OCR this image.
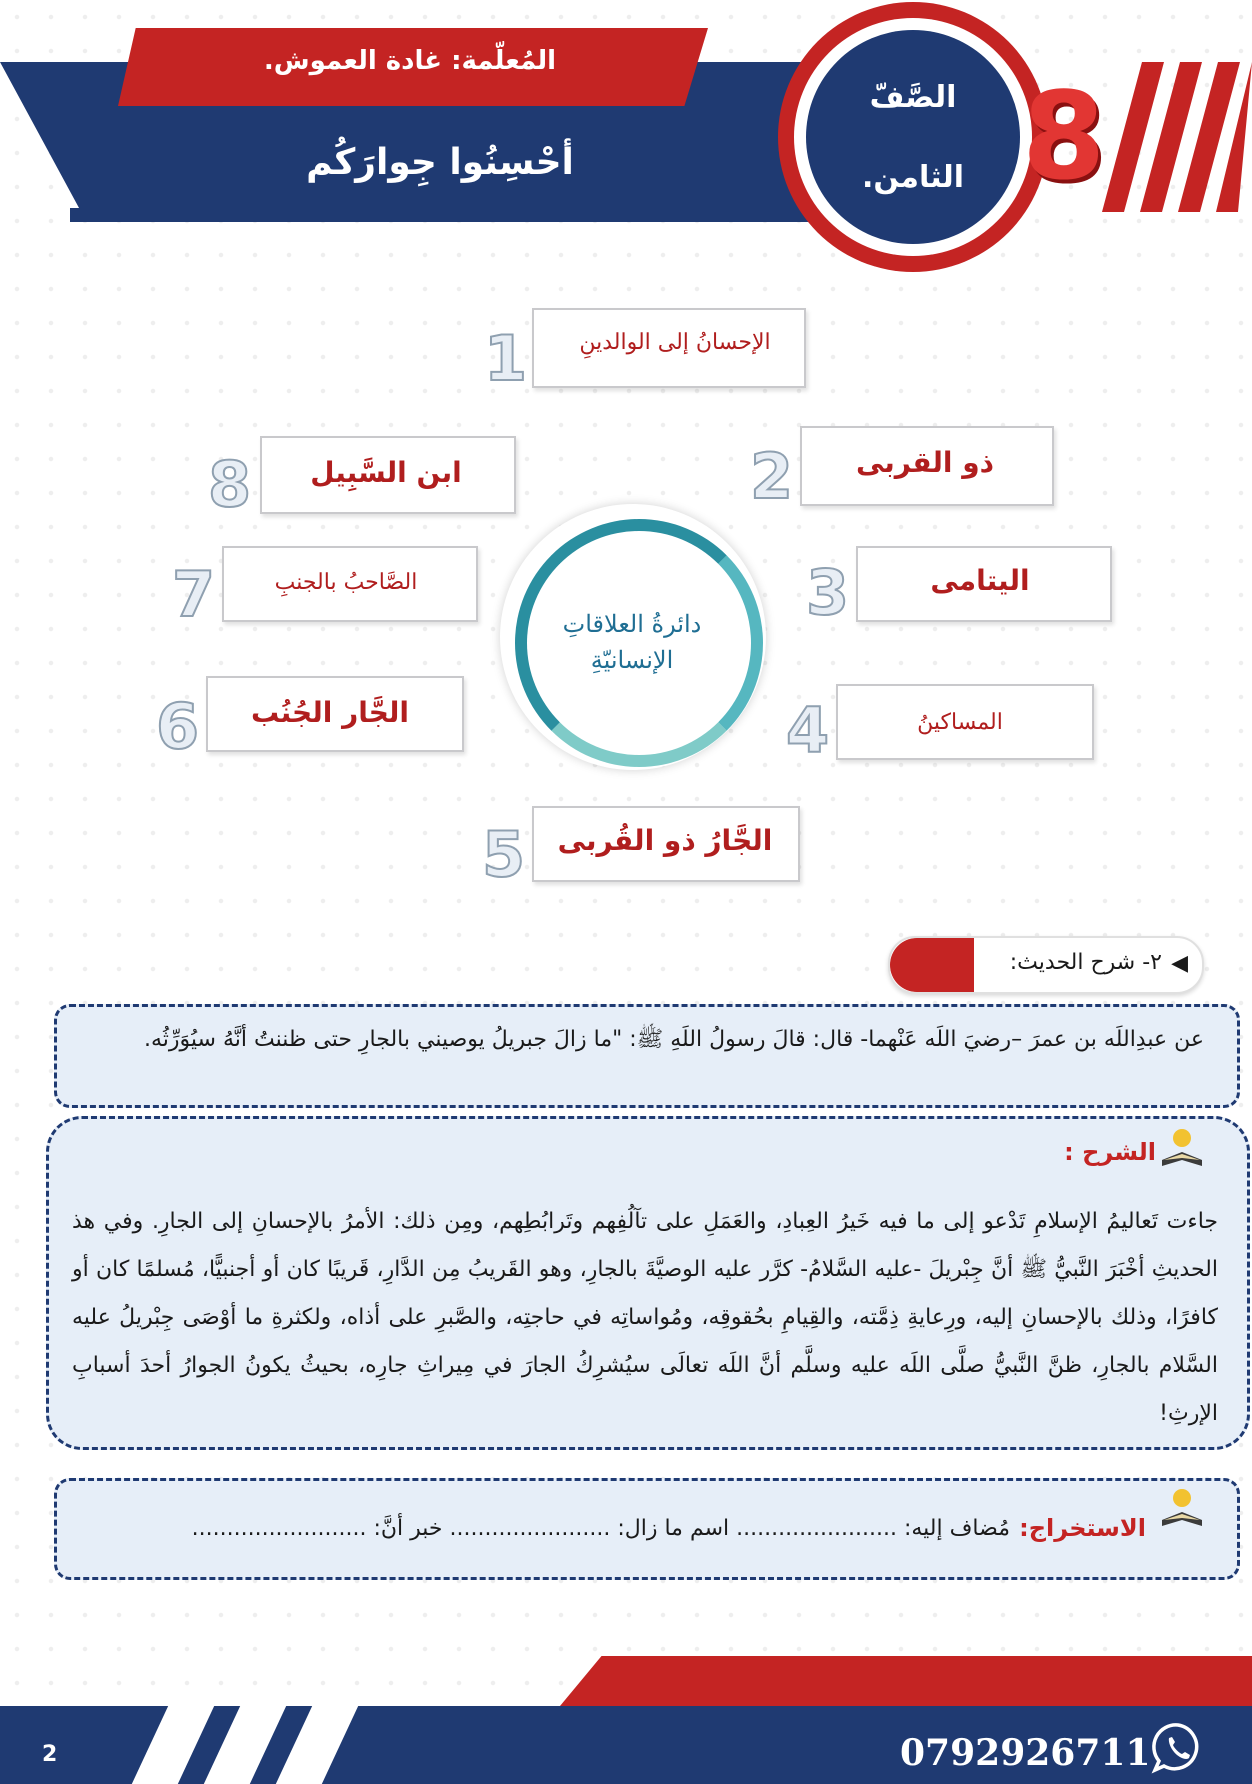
المُعلّمة: غادة العموش.
أحْسِنُوا جِوارَكُم
الصَّفّ
الثامن. 8
دائرةُ العلاقاتِ
الإنسانيّةِ
الإحسانُ إلى الوالدينِ
1
ذو القربى
2
اليتامى
3
المساكينُ
4
الجَّارُ ذو القُربى
5
الجَّار الجُنُب
6
الصَّاحبُ بالجنبِ
7
ابن السَّبِيل
8
◀
٢- شرح الحديث:
عن عبدِاللَه بن عمرَ –رضيَ اللَه عَنْهما- قال: قالَ رسولُ اللَهِ ﷺ: "ما زالَ جبريلُ يوصيني بالجارِ حتى ظننتُ أنَّهُ سيُوَرِّثُه.
الشرح :
جاءت تَعاليمُ الإسلامِ تَدْعو إلى ما فيه خَيرُ العِبادِ، والعَمَلِ على تآلُفِهم وتَرابُطِهم، ومِن ذلك: الأمرُ بالإحسانِ إلى الجارِ. وفي هذ الحديثِ أخْبَرَ النَّبيُّ ﷺ أنَّ جِبْريلَ -عليه السَّلامُ- كرَّر عليه الوصيَّةَ بالجارِ، وهو القَريبُ مِن الدَّارِ، قَريبًا كان أو أجنبيًّا، مُسلمًا كان أو كافرًا، وذلك بالإحسانِ إليه، ورِعايةِ ذِمَّته، والقِيامِ بحُقوقِه، ومُواساتِه في حاجتِه، والصَّبرِ على أذاه، ولكثرةِ ما أوْصَى جِبْريلُ عليه السَّلام بالجارِ، ظنَّ النَّبيُّ صلَّى اللَه عليه وسلَّم أنَّ اللَه تعالَى سيُشرِكُ الجارَ في مِيراثِ جارِه، بحيثُ يكونُ الجوارُ أحدَ أسبابِ الإرثِ!
الاستخراج:
مُضاف إليه: ....................... اسم ما زال: ....................... خبر أنَّ: .........................
0792926711
2
